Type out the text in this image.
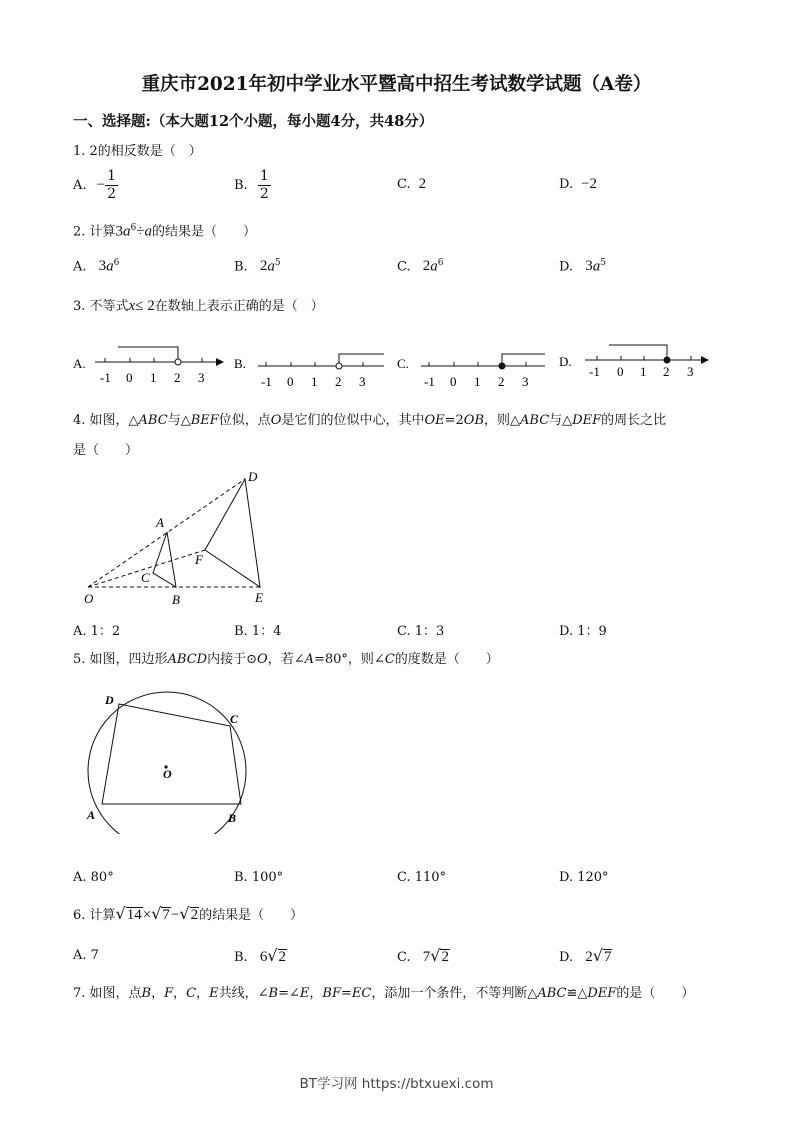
重庆市2021年初中学业水平暨高中招生考试数学试题（A卷）
一、选择题:（本大题12个小题，每小题4分，共48分）
1. 2的相反数是（　）
A. − $\frac{1}{2}$	B. $\frac{1}{2}$	C. 2	D. −2
2. 计算$3a^6\div a$的结果是（　　）
A. $3a^6$	B. $2a^5$	C. $2a^6$	D. $3a^5$
3. 不等式x≤ 2在数轴上表示正确的是（　）
A.
-1 0 1 2 3
B.
-1 0 1 2 3
C.
-1 0 1 2 3
D.
-1 0 1 2 3
4. 如图，△ABC与△BEF位似，点O是它们的位似中心，其中OE=2OB，则△ABC与△DEF的周长之比
是（　　）
D
A
F
C
O	B	E
A. 1：2	B. 1：4	C. 1：3	D. 1：9
5. 如图，四边形ABCD内接于⊙O，若∠A=80°，则∠C的度数是（　　）
D
C
O
A	B
A. 80°	B. 100°	C. 110°	D. 120°
6. 计算√14×√7−√2的结果是（　　）
A. 7	B. 6√2	C. 7√2	D. 2√7
7. 如图，点B，F，C，E共线，∠B=∠E，BF=EC，添加一个条件，不等判断△ABC≌△DEF的是（　　）
BT学习网 https://btxuexi.com
